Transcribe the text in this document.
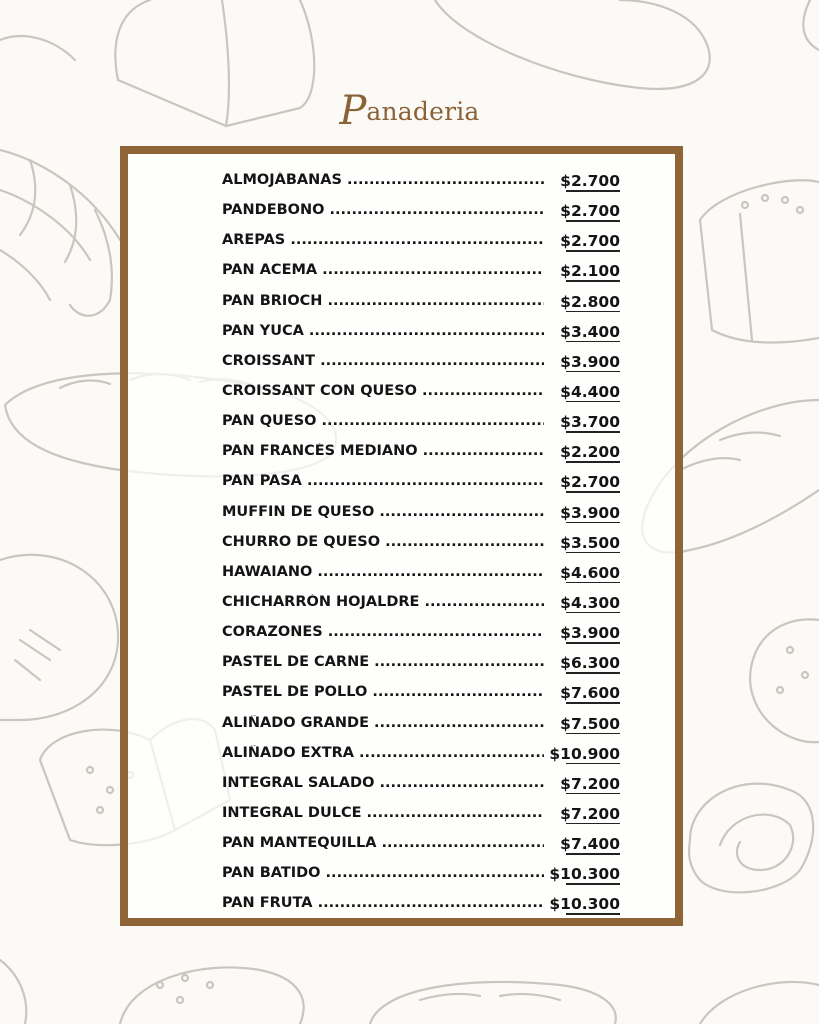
Panaderia
ALMOJÁBANAS .....	$2.700
PANDEBONO .....	$2.700
AREPAS .....	$2.700
PAN ACEMA .....	$2.100
PAN BRIOCH .....	$2.800
PAN YUCA .....	$3.400
CROISSANT .....	$3.900
CROISSANT CON QUESO .....	$4.400
PAN QUESO .....	$3.700
PAN FRANCÉS MEDIANO .....	$2.200
PAN PASA .....	$2.700
MUFFIN DE QUESO .....	$3.900
CHURRO DE QUESO .....	$3.500
HAWAIANO .....	$4.600
CHICHARRÓN HOJALDRE .....	$4.300
CORAZONES .....	$3.900
PASTEL DE CARNE .....	$6.300
PASTEL DE POLLO .....	$7.600
ALIÑADO GRANDE .....	$7.500
ALIÑADO EXTRA .....	$10.900
INTEGRAL SALADO .....	$7.200
INTEGRAL DULCE .....	$7.200
PAN MANTEQUILLA .....	$7.400
PAN BATIDO .....	$10.300
PAN FRUTA .....	$10.300
